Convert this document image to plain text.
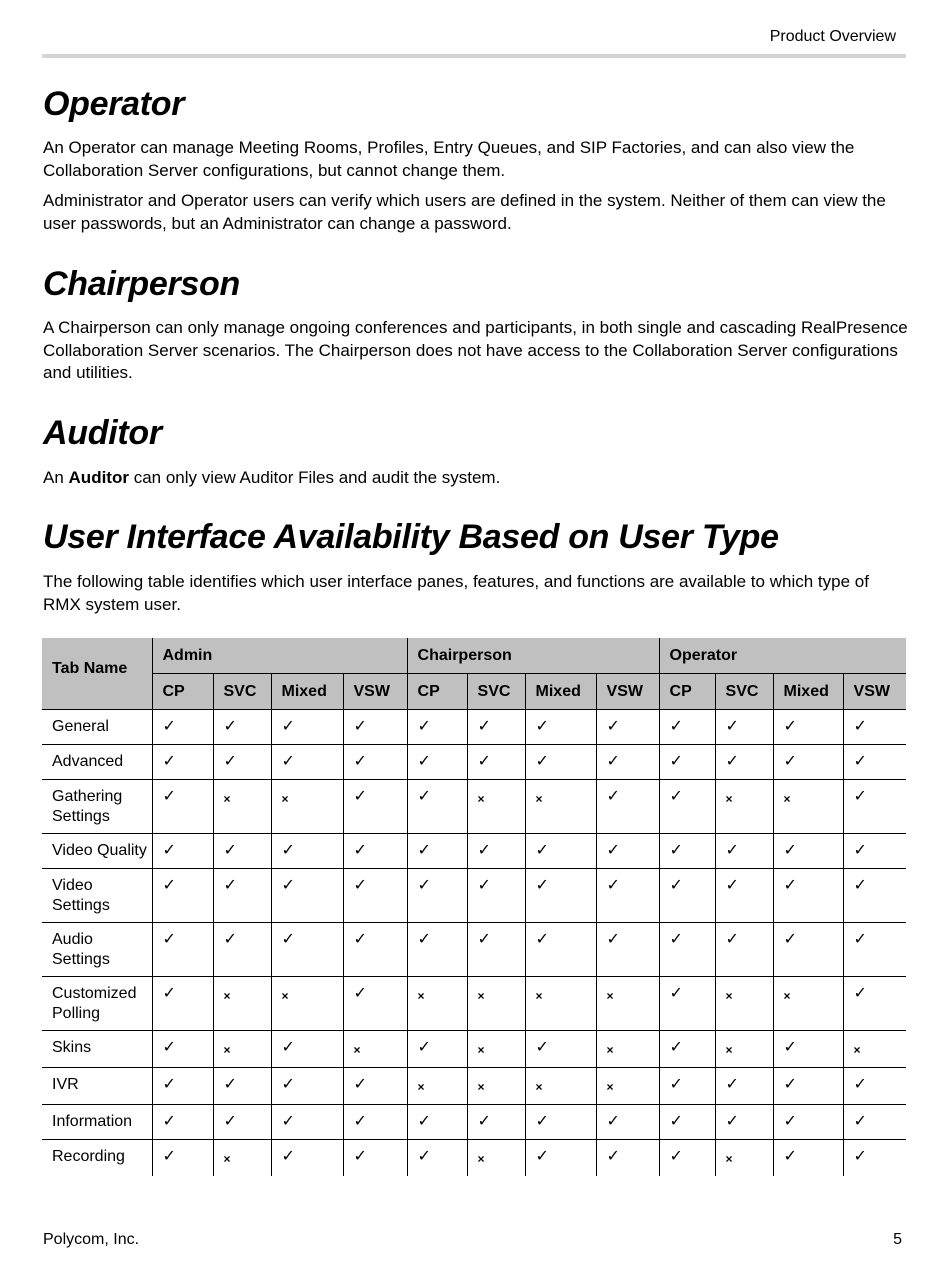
Product Overview
Operator

An Operator can manage Meeting Rooms, Profiles, Entry Queues, and SIP Factories, and can also view the Collaboration Server configurations, but cannot change them.

Administrator and Operator users can verify which users are defined in the system. Neither of them can view the user passwords, but an Administrator can change a password.

Chairperson

A Chairperson can only manage ongoing conferences and participants, in both single and cascading RealPresence Collaboration Server scenarios. The Chairperson does not have access to the Collaboration Server configurations and utilities.

Auditor

An Auditor can only view Auditor Files and audit the system.

User Interface Availability Based on User Type

The following table identifies which user interface panes, features, and functions are available to which type of RMX system user.

Tab Name	Admin				Chairperson				Operator			
	CP	SVC	Mixed	VSW	CP	SVC	Mixed	VSW	CP	SVC	Mixed	VSW
General	✓	✓	✓	✓	✓	✓	✓	✓	✓	✓	✓	✓
Advanced	✓	✓	✓	✓	✓	✓	✓	✓	✓	✓	✓	✓
Gathering Settings	✓	×	×	✓	✓	×	×	✓	✓	×	×	✓
Video Quality	✓	✓	✓	✓	✓	✓	✓	✓	✓	✓	✓	✓
Video Settings	✓	✓	✓	✓	✓	✓	✓	✓	✓	✓	✓	✓
Audio Settings	✓	✓	✓	✓	✓	✓	✓	✓	✓	✓	✓	✓
Customized Polling	✓	×	×	✓	×	×	×	×	✓	×	×	✓
Skins	✓	×	✓	×	✓	×	✓	×	✓	×	✓	×
IVR	✓	✓	✓	✓	×	×	×	×	✓	✓	✓	✓
Information	✓	✓	✓	✓	✓	✓	✓	✓	✓	✓	✓	✓
Recording	✓	×	✓	✓	✓	×	✓	✓	✓	×	✓	✓
Polycom, Inc.	5
